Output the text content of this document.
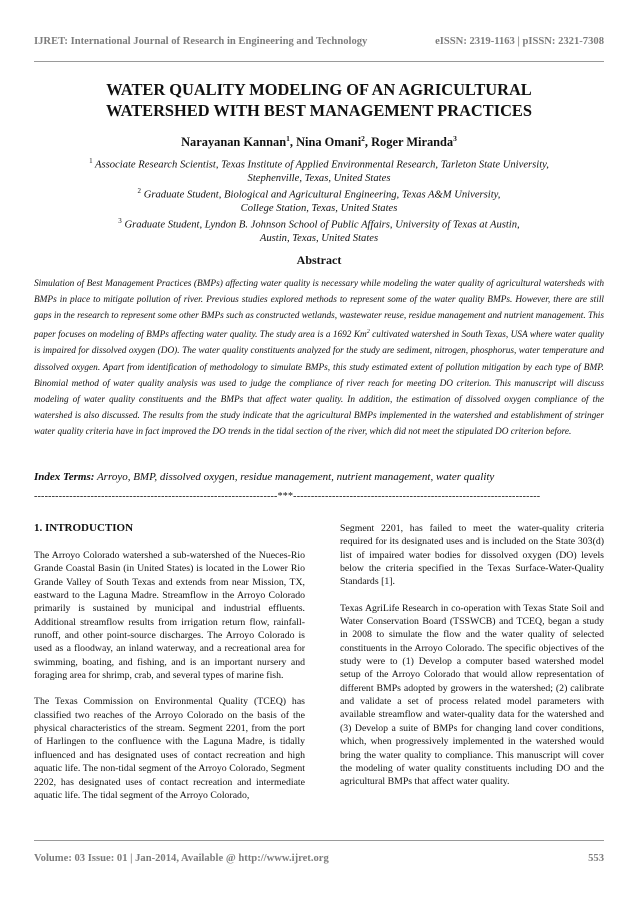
IJRET: International Journal of Research in Engineering and Technology	eISSN: 2319-1163 | pISSN: 2321-7308
WATER QUALITY MODELING OF AN AGRICULTURAL
WATERSHED WITH BEST MANAGEMENT PRACTICES
Narayanan Kannan$^1$, Nina Omani$^2$, Roger Miranda$^3$
$^1$ Associate Research Scientist, Texas Institute of Applied Environmental Research, Tarleton State University,
Stephenville, Texas, United States
$^2$ Graduate Student, Biological and Agricultural Engineering, Texas A&M University,
College Station, Texas, United States
$^3$ Graduate Student, Lyndon B. Johnson School of Public Affairs, University of Texas at Austin,
Austin, Texas, United States
Abstract
Simulation of Best Management Practices (BMPs) affecting water quality is necessary while modeling the water quality of agricultural watersheds with BMPs in place to mitigate pollution of river. Previous studies explored methods to represent some of the water quality BMPs. However, there are still gaps in the research to represent some other BMPs such as constructed wetlands, wastewater reuse, residue management and nutrient management. This paper focuses on modeling of BMPs affecting water quality. The study area is a 1692 Km$^2$ cultivated watershed in South Texas, USA where water quality is impaired for dissolved oxygen (DO). The water quality constituents analyzed for the study are sediment, nitrogen, phosphorus, water temperature and dissolved oxygen. Apart from identification of methodology to simulate BMPs, this study estimated extent of pollution mitigation by each type of BMP. Binomial method of water quality analysis was used to judge the compliance of river reach for meeting DO criterion. This manuscript will discuss modeling of water quality constituents and the BMPs that affect water quality. In addition, the estimation of dissolved oxygen compliance of the watershed is also discussed. The results from the study indicate that the agricultural BMPs implemented in the watershed and establishment of stringer water quality criteria have in fact improved the DO trends in the tidal section of the river, which did not meet the stipulated DO criterion before.
Index Terms: Arroyo, BMP, dissolved oxygen, residue management, nutrient management, water quality
---------------------------------------------------------------------***----------------------------------------------------------------------
1. INTRODUCTION

The Arroyo Colorado watershed a sub-watershed of the Nueces-Rio Grande Coastal Basin (in United States) is located in the Lower Rio Grande Valley of South Texas and extends from near Mission, TX, eastward to the Laguna Madre. Streamflow in the Arroyo Colorado primarily is sustained by municipal and industrial effluents. Additional streamflow results from irrigation return flow, rainfall-runoff, and other point-source discharges. The Arroyo Colorado is used as a floodway, an inland waterway, and a recreational area for swimming, boating, and fishing, and is an important nursery and foraging area for shrimp, crab, and several types of marine fish.

The Texas Commission on Environmental Quality (TCEQ) has classified two reaches of the Arroyo Colorado on the basis of the physical characteristics of the stream. Segment 2201, from the port of Harlingen to the confluence with the Laguna Madre, is tidally influenced and has designated uses of contact recreation and high aquatic life. The non-tidal segment of the Arroyo Colorado, Segment 2202, has designated uses of contact recreation and intermediate aquatic life. The tidal segment of the Arroyo Colorado,

Segment 2201, has failed to meet the water-quality criteria required for its designated uses and is included on the State 303(d) list of impaired water bodies for dissolved oxygen (DO) levels below the criteria specified in the Texas Surface-Water-Quality Standards [1].

Texas AgriLife Research in co-operation with Texas State Soil and Water Conservation Board (TSSWCB) and TCEQ, began a study in 2008 to simulate the flow and the water quality of selected constituents in the Arroyo Colorado. The specific objectives of the study were to (1) Develop a computer based watershed model setup of the Arroyo Colorado that would allow representation of different BMPs adopted by growers in the watershed; (2) calibrate and validate a set of process related model parameters with available streamflow and water-quality data for the watershed and (3) Develop a suite of BMPs for changing land cover conditions, which, when progressively implemented in the watershed would bring the water quality to compliance. This manuscript will cover the modeling of water quality constituents including DO and the agricultural BMPs that affect water quality.

Volume: 03 Issue: 01 | Jan-2014, Available @ http://www.ijret.org	553
